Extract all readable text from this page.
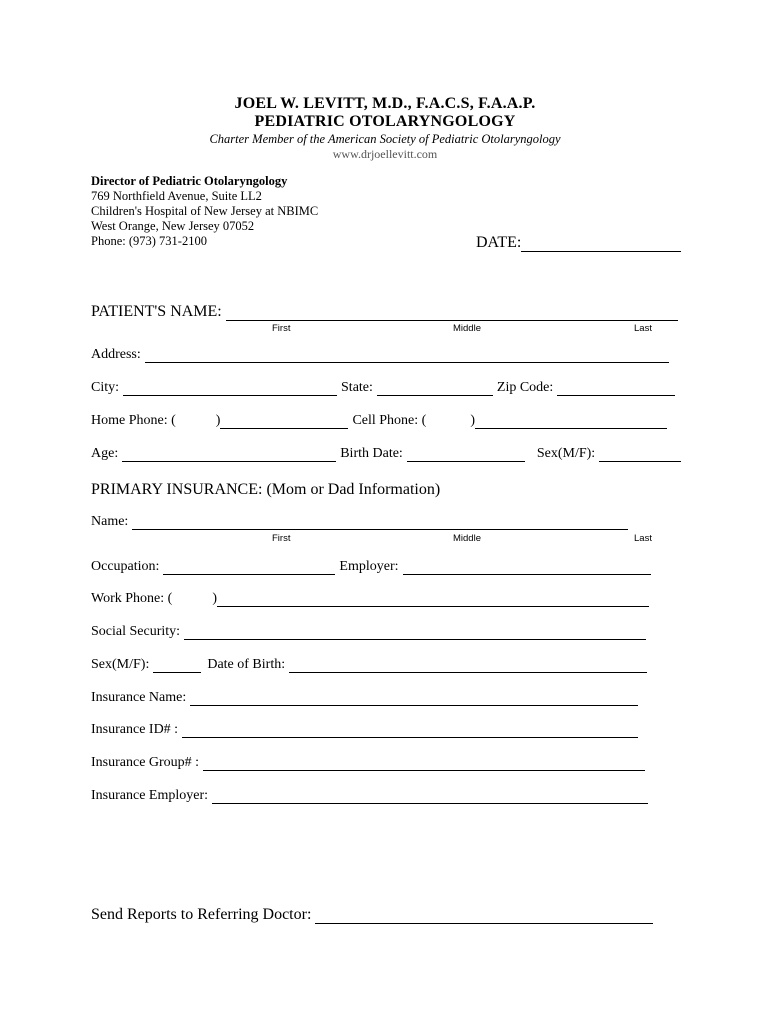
JOEL W. LEVITT, M.D., F.A.C.S, F.A.A.P.
PEDIATRIC OTOLARYNGOLOGY
Charter Member of the American Society of Pediatric Otolaryngology
www.drjoellevitt.com
Director of Pediatric Otolaryngology
769 Northfield Avenue, Suite LL2
Children's Hospital of New Jersey at NBIMC
West Orange, New Jersey 07052
Phone: (973) 731-2100	DATE:
PATIENT'S NAME:
First	Middle	Last
Address:
City:	State:	Zip Code:
Home Phone: (	)	Cell Phone: (	)
Age:	Birth Date:	Sex(M/F):
PRIMARY INSURANCE: (Mom or Dad Information)
Name:
First	Middle	Last
Occupation:	Employer:
Work Phone: (	)
Social Security:
Sex(M/F):	Date of Birth:
Insurance Name:
Insurance ID# :
Insurance Group# :
Insurance Employer:
Send Reports to Referring Doctor:
